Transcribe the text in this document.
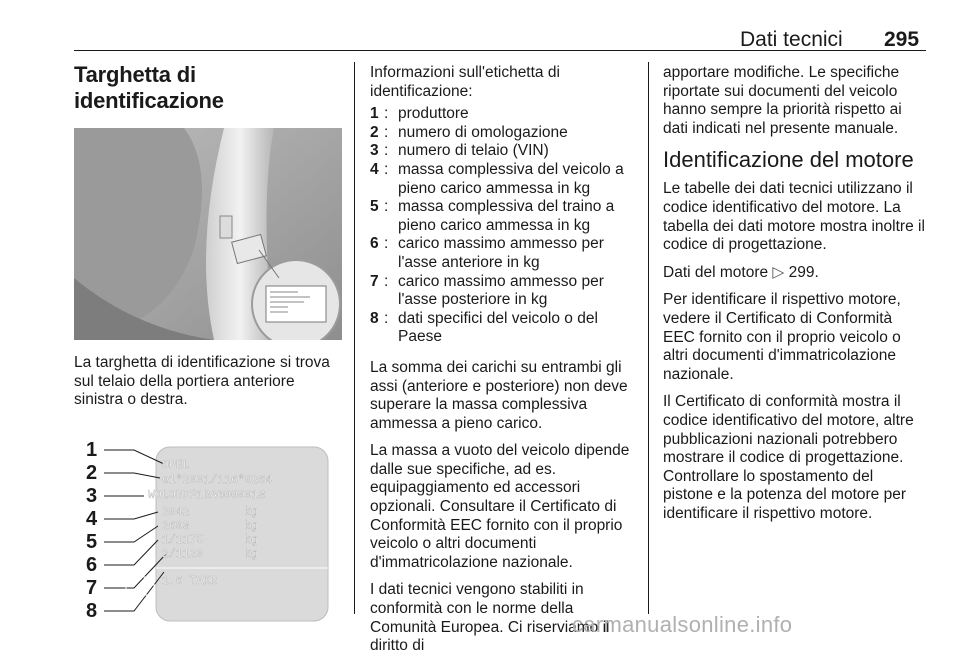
Dati tecnici 295
Targhetta di identificazione

La targhetta di identificazione si trova sul telaio della portiera anteriore sinistra o destra.

1
2
3
4
5
6
7
8
OPEL
e1*2001/116*0264
WOLOBDF1BAG000013
2042
2603
1/1175
2/1120
kg
kg
kg
kg
1.6 TAKR

Informazioni sull'etichetta di identificazione:

1 : produttore
2 : numero di omologazione
3 : numero di telaio (VIN)
4 : massa complessiva del veicolo a pieno carico ammessa in kg
5 : massa complessiva del traino a pieno carico ammessa in kg
6 : carico massimo ammesso per l'asse anteriore in kg
7 : carico massimo ammesso per l'asse posteriore in kg
8 : dati specifici del veicolo o del Paese

La somma dei carichi su entrambi gli assi (anteriore e posteriore) non deve superare la massa complessiva ammessa a pieno carico.

La massa a vuoto del veicolo dipende dalle sue specifiche, ad es. equipaggiamento ed accessori opzionali. Consultare il Certificato di Conformità EEC fornito con il proprio veicolo o altri documenti d'immatricolazione nazionale.

I dati tecnici vengono stabiliti in conformità con le norme della Comunità Europea. Ci riserviamo il diritto di

apportare modifiche. Le specifiche riportate sui documenti del veicolo hanno sempre la priorità rispetto ai dati indicati nel presente manuale.

Identificazione del motore

Le tabelle dei dati tecnici utilizzano il codice identificativo del motore. La tabella dei dati motore mostra inoltre il codice di progettazione.

Dati del motore ▷ 299.

Per identificare il rispettivo motore, vedere il Certificato di Conformità EEC fornito con il proprio veicolo o altri documenti d'immatricolazione nazionale.

Il Certificato di conformità mostra il codice identificativo del motore, altre pubblicazioni nazionali potrebbero mostrare il codice di progettazione. Controllare lo spostamento del pistone e la potenza del motore per identificare il rispettivo motore.

carmanualsonline.info
